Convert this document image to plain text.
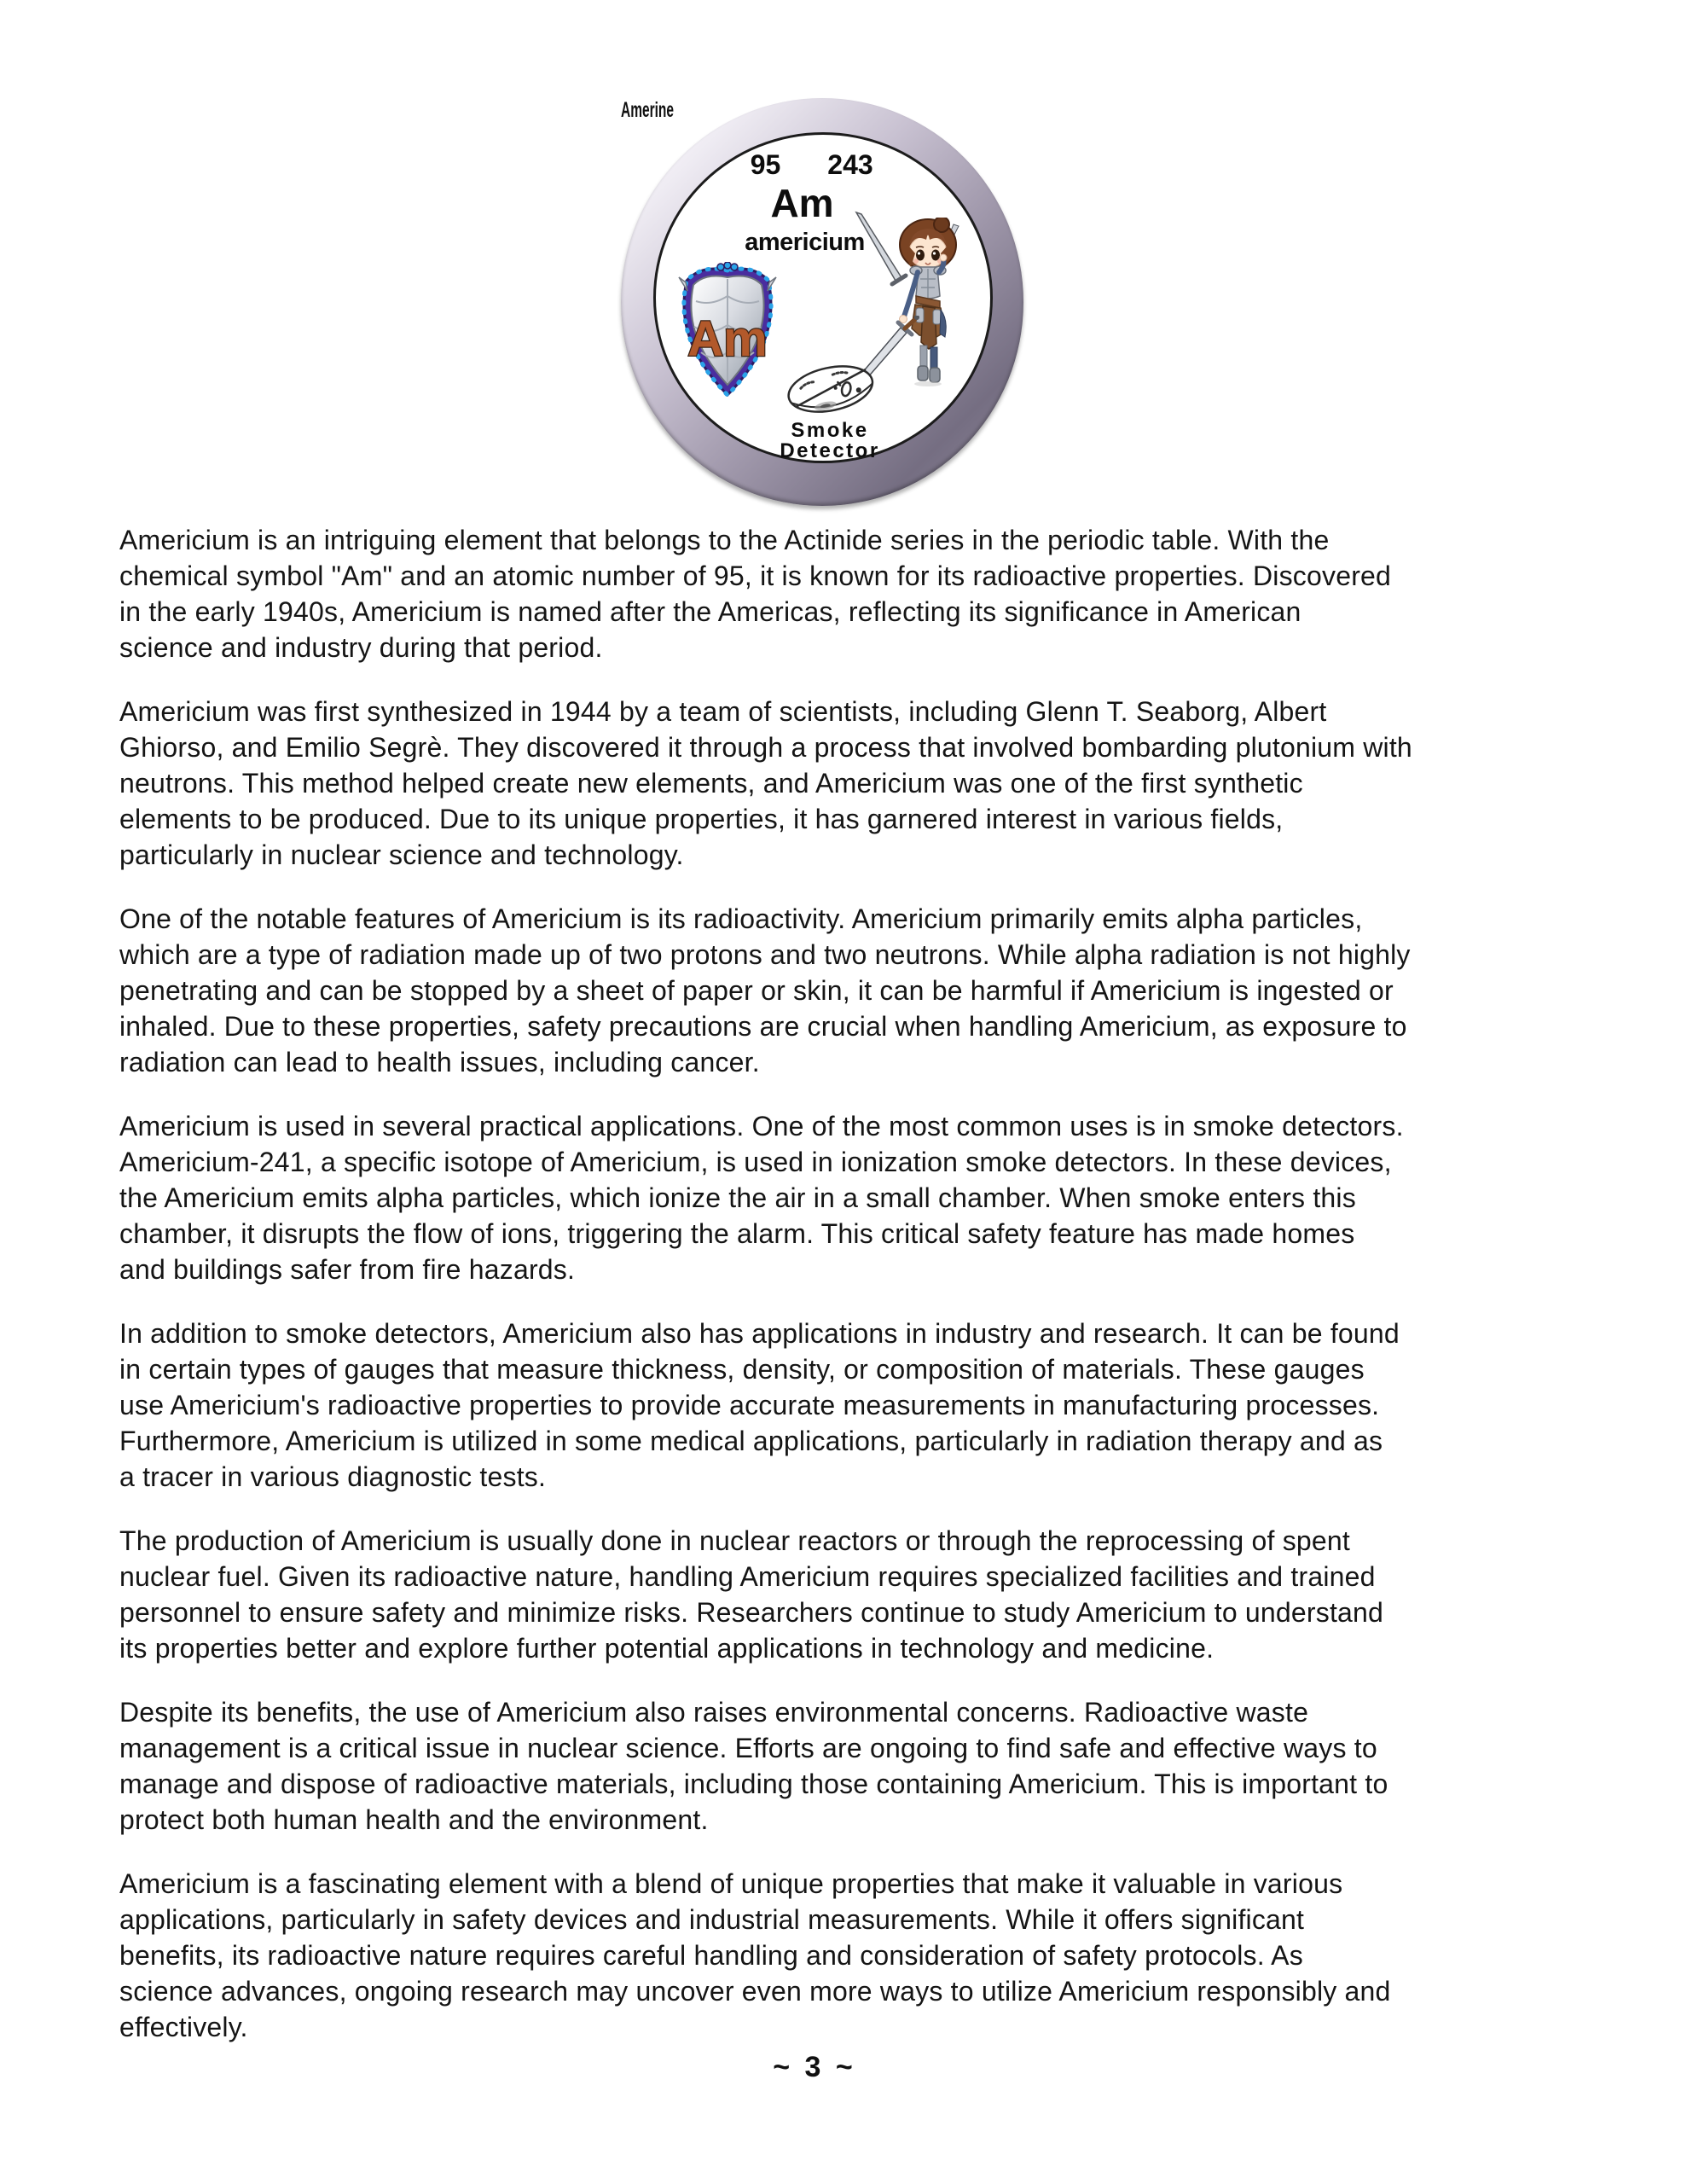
95	243
Am
americium
Am
Amerine
Smoke
Detector
Americium is an intriguing element that belongs to the Actinide series in the periodic table. With the
chemical symbol "Am" and an atomic number of 95, it is known for its radioactive properties. Discovered
in the early 1940s, Americium is named after the Americas, reflecting its significance in American
science and industry during that period.
Americium was first synthesized in 1944 by a team of scientists, including Glenn T. Seaborg, Albert
Ghiorso, and Emilio Segrè. They discovered it through a process that involved bombarding plutonium with
neutrons. This method helped create new elements, and Americium was one of the first synthetic
elements to be produced. Due to its unique properties, it has garnered interest in various fields,
particularly in nuclear science and technology.
One of the notable features of Americium is its radioactivity. Americium primarily emits alpha particles,
which are a type of radiation made up of two protons and two neutrons. While alpha radiation is not highly
penetrating and can be stopped by a sheet of paper or skin, it can be harmful if Americium is ingested or
inhaled. Due to these properties, safety precautions are crucial when handling Americium, as exposure to
radiation can lead to health issues, including cancer.
Americium is used in several practical applications. One of the most common uses is in smoke detectors.
Americium-241, a specific isotope of Americium, is used in ionization smoke detectors. In these devices,
the Americium emits alpha particles, which ionize the air in a small chamber. When smoke enters this
chamber, it disrupts the flow of ions, triggering the alarm. This critical safety feature has made homes
and buildings safer from fire hazards.
In addition to smoke detectors, Americium also has applications in industry and research. It can be found
in certain types of gauges that measure thickness, density, or composition of materials. These gauges
use Americium's radioactive properties to provide accurate measurements in manufacturing processes.
Furthermore, Americium is utilized in some medical applications, particularly in radiation therapy and as
a tracer in various diagnostic tests.
The production of Americium is usually done in nuclear reactors or through the reprocessing of spent
nuclear fuel. Given its radioactive nature, handling Americium requires specialized facilities and trained
personnel to ensure safety and minimize risks. Researchers continue to study Americium to understand
its properties better and explore further potential applications in technology and medicine.
Despite its benefits, the use of Americium also raises environmental concerns. Radioactive waste
management is a critical issue in nuclear science. Efforts are ongoing to find safe and effective ways to
manage and dispose of radioactive materials, including those containing Americium. This is important to
protect both human health and the environment.
Americium is a fascinating element with a blend of unique properties that make it valuable in various
applications, particularly in safety devices and industrial measurements. While it offers significant
benefits, its radioactive nature requires careful handling and consideration of safety protocols. As
science advances, ongoing research may uncover even more ways to utilize Americium responsibly and
effectively.
~ 3 ~
